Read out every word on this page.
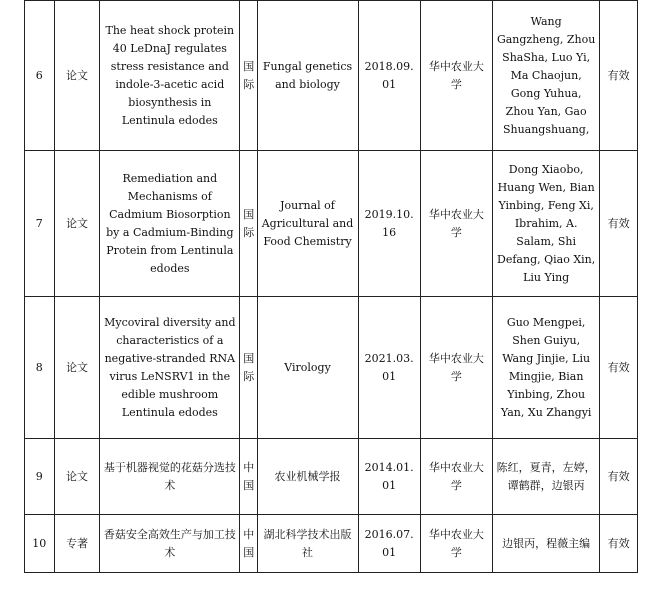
6	论文	The heat shock protein 40 LeDnaJ regulates stress resistance and indole-3-acetic acid biosynthesis in Lentinula edodes	国际	Fungal genetics and biology	2018.09.01	华中农业大学	Wang Gangzheng, Zhou ShaSha, Luo Yi, Ma Chaojun, Gong Yuhua, Zhou Yan, Gao Shuangshuang,	有效
7	论文	Remediation and Mechanisms of Cadmium Biosorption by a Cadmium-Binding Protein from Lentinula edodes	国际	Journal of Agricultural and Food Chemistry	2019.10.16	华中农业大学	Dong Xiaobo, Huang Wen, Bian Yinbing, Feng Xi, Ibrahim, A. Salam, Shi Defang, Qiao Xin, Liu Ying	有效
8	论文	Mycoviral diversity and characteristics of a negative-stranded RNA virus LeNSRV1 in the edible mushroom Lentinula edodes	国际	Virology	2021.03.01	华中农业大学	Guo Mengpei, Shen Guiyu, Wang Jinjie, Liu Mingjie, Bian Yinbing, Zhou Yan, Xu Zhangyi	有效
9	论文	基于机器视觉的花菇分选技术	中国	农业机械学报	2014.01.01	华中农业大学	陈红，夏青，左婷，谭鹤群，边银丙	有效
10	专著	香菇安全高效生产与加工技术	中国	湖北科学技术出版社	2016.07.01	华中农业大学	边银丙，程薇主编	有效
